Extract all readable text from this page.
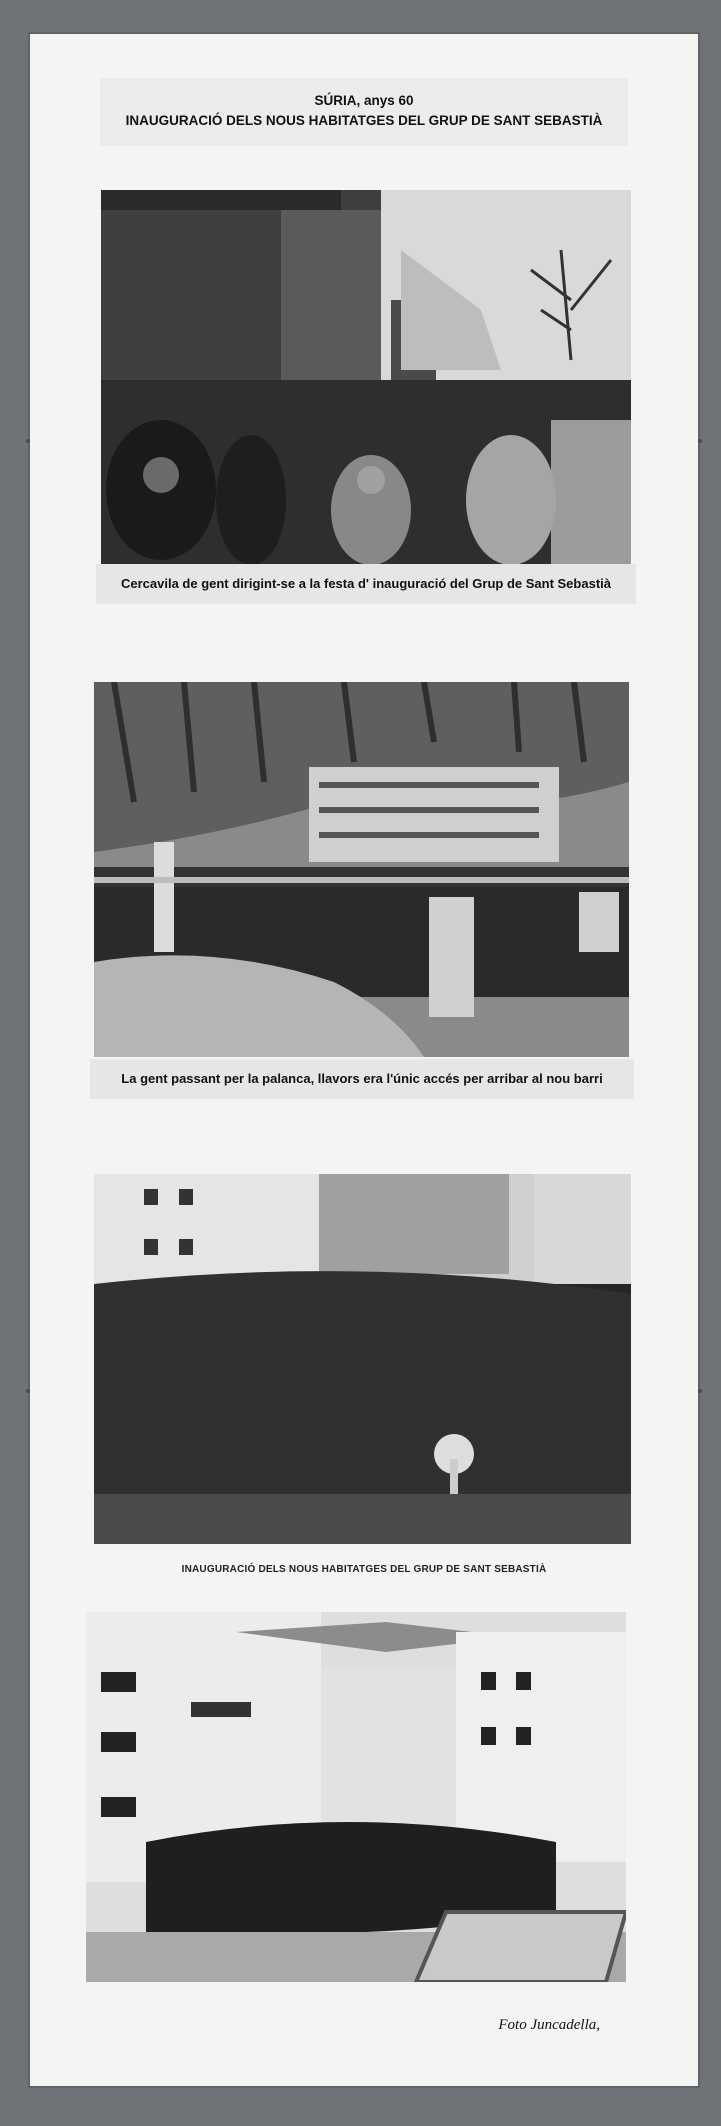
SÚRIA, anys 60
INAUGURACIÓ DELS NOUS HABITATGES DEL GRUP DE SANT SEBASTIÀ
Cercavila de gent dirigint-se a la festa d' inauguració del Grup de Sant Sebastià
La gent passant per la palanca, llavors era l'únic accés per arribar al nou barri
INAUGURACIÓ DELS NOUS HABITATGES DEL GRUP DE SANT SEBASTIÀ
Foto Juncadella,
